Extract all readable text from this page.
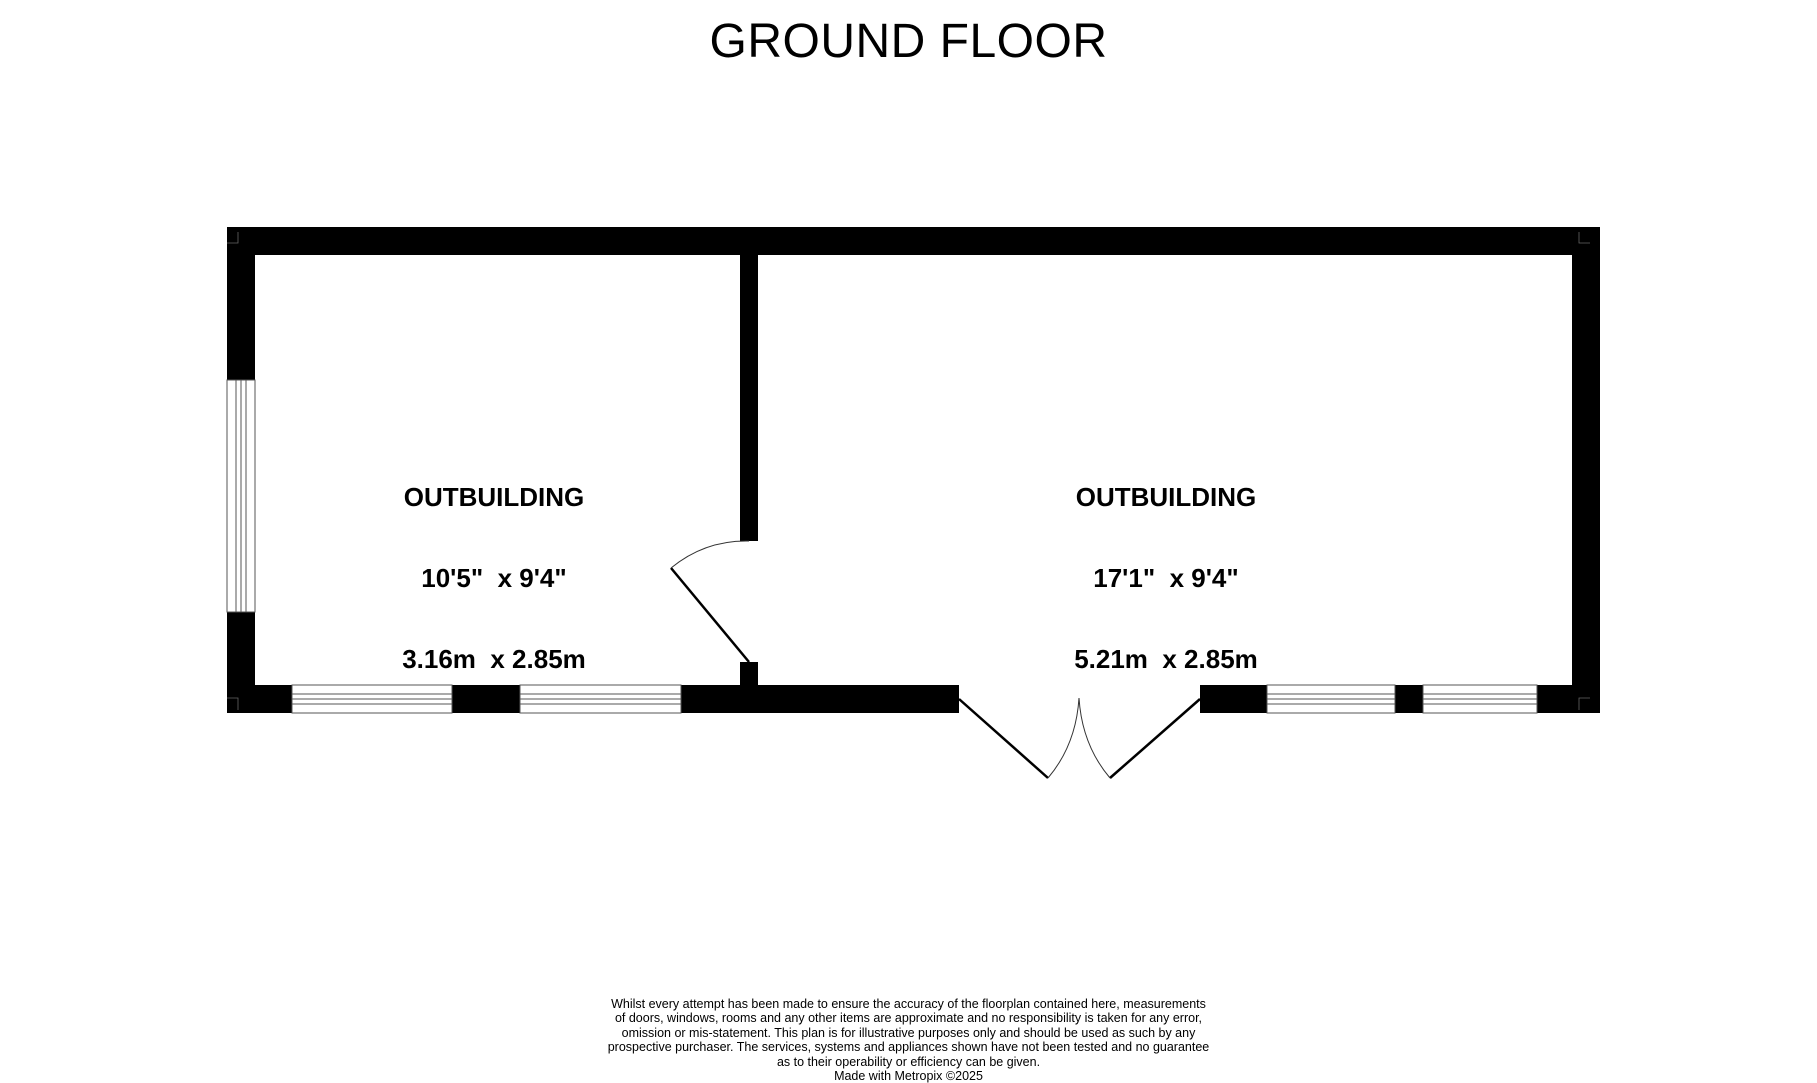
GROUND FLOOR

OUTBUILDING

10'5"  x 9'4"

3.16m  x 2.85m

OUTBUILDING

17'1"  x 9'4"

5.21m  x 2.85m

Whilst every attempt has been made to ensure the accuracy of the floorplan contained here, measurements
of doors, windows, rooms and any other items are approximate and no responsibility is taken for any error,
omission or mis-statement. This plan is for illustrative purposes only and should be used as such by any
prospective purchaser. The services, systems and appliances shown have not been tested and no guarantee
as to their operability or efficiency can be given.
Made with Metropix ©2025
